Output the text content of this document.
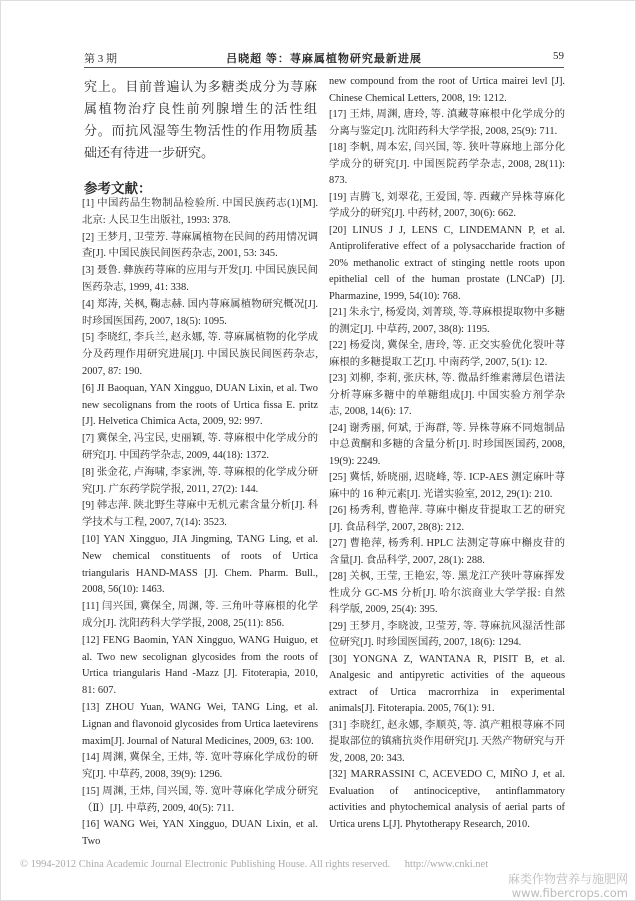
第 3 期	吕晓超 等：荨麻属植物研究最新进展	59
究上。目前普遍认为多糖类成分为荨麻属植物治疗良性前列腺增生的活性组分。而抗风湿等生物活性的作用物质基础还有待进一步研究。
参考文献：

[1] 中国药品生物制品检验所. 中国民族药志(1)[M]. 北京: 人民卫生出版社, 1993: 378.

[2] 王梦月, 卫莹芳. 荨麻属植物在民间的药用情况调查[J]. 中国民族民间医药杂志, 2001, 53: 345.

[3] 聂鲁. 彝族药荨麻的应用与开发[J]. 中国民族民间医药杂志, 1999, 41: 338.

[4] 郑涛, 关枫, 鞠志赫. 国内荨麻属植物研究概况[J]. 时珍国医国药, 2007, 18(5): 1095.

[5] 李晓红, 李兵兰, 赵永娜, 等. 荨麻属植物的化学成分及药理作用研究进展[J]. 中国民族民间医药杂志, 2007, 87: 190.

[6] JI Baoquan, YAN Xingguo, DUAN Lixin, et al. Two new secolignans from the roots of Urtica fissa E. pritz [J]. Helvetica Chimica Acta, 2009, 92: 997.

[7] 冀保全, 冯宝民, 史丽颖, 等. 荨麻根中化学成分的研究[J]. 中国药学杂志, 2009, 44(18): 1372.

[8] 张金花, 卢海啸, 李家洲, 等. 荨麻根的化学成分研究[J]. 广东药学院学报, 2011, 27(2): 144.

[9] 韩志萍. 陕北野生荨麻中无机元素含量分析[J]. 科学技术与工程, 2007, 7(14): 3523.

[10] YAN Xingguo, JIA Jingming, TANG Ling, et al. New chemical constituents of roots of Urtica triangularis HAND-MASS [J]. Chem. Pharm. Bull., 2008, 56(10): 1463.

[11] 闫兴国, 冀保全, 周渊, 等. 三角叶荨麻根的化学成分[J]. 沈阳药科大学学报, 2008, 25(11): 856.

[12] FENG Baomin, YAN Xingguo, WANG Huiguo, et al. Two new secolignan glycosides from the roots of Urtica triangularis Hand -Mazz [J]. Fitoterapia, 2010, 81: 607.

[13] ZHOU Yuan, WANG Wei, TANG Ling, et al. Lignan and flavonoid glycosides from Urtica laetevirens maxim[J]. Journal of Natural Medicines, 2009, 63: 100.

[14] 周渊, 冀保全, 王炜, 等. 宽叶荨麻化学成份的研究[J]. 中草药, 2008, 39(9): 1296.

[15] 周渊, 王炜, 闫兴国, 等. 宽叶荨麻化学成分研究（Ⅱ）[J]. 中草药, 2009, 40(5): 711.

[16] WANG Wei, YAN Xingguo, DUAN Lixin, et al. Two

new compound from the root of Urtica mairei levl [J]. Chinese Chemical Letters, 2008, 19: 1212.

[17] 王炜, 周渊, 唐玲, 等. 滇藏荨麻根中化学成分的分离与鉴定[J]. 沈阳药科大学学报, 2008, 25(9): 711.

[18] 李帆, 周本宏, 闫兴国, 等. 狭叶荨麻地上部分化学成分的研究[J]. 中国医院药学杂志, 2008, 28(11): 873.

[19] 吉腾飞, 刘翠花, 王爱国, 等. 西藏产异株荨麻化学成分的研究[J]. 中药材, 2007, 30(6): 662.

[20] LINUS J J, LENS C, LINDEMANN P, et al. Antiproliferative effect of a polysaccharide fraction of 20% methanolic extract of stinging nettle roots upon epithelial cell of the human prostate (LNCaP) [J]. Pharmazine, 1999, 54(10): 768.

[21] 朱永宁, 杨爱岗, 刘菁琰, 等.荨麻根提取物中多糖的测定[J]. 中草药, 2007, 38(8): 1195.

[22] 杨爱岗, 冀保全, 唐玲, 等. 正交实验优化裂叶荨麻根的多糖提取工艺[J]. 中南药学, 2007, 5(1): 12.

[23] 刘柳, 李莉, 张庆林, 等. 微晶纤维素薄层色谱法分析荨麻多糖中的单糖组成[J]. 中国实验方剂学杂志, 2008, 14(6): 17.

[24] 谢秀丽, 何斌, 于海群, 等. 异株荨麻不同炮制品中总黄酮和多糖的含量分析[J]. 时珍国医国药, 2008, 19(9): 2249.

[25] 冀恬, 娇晓丽, 迟晓峰, 等. ICP-AES 测定麻叶荨麻中的 16 种元素[J]. 光谱实验室, 2012, 29(1): 210.

[26] 杨秀利, 曹艳萍. 荨麻中槲皮苷提取工艺的研究[J]. 食品科学, 2007, 28(8): 212.

[27] 曹艳萍, 杨秀利. HPLC 法测定荨麻中槲皮苷的含量[J]. 食品科学, 2007, 28(1): 288.

[28] 关枫, 王莹, 王艳宏, 等. 黑龙江产狭叶荨麻挥发性成分 GC-MS 分析[J]. 哈尔滨商业大学学报: 自然科学版, 2009, 25(4): 395.

[29] 王梦月, 李晓波, 卫莹芳, 等. 荨麻抗风湿活性部位研究[J]. 时珍国医国药, 2007, 18(6): 1294.

[30] YONGNA Z, WANTANA R, PISIT B, et al. Analgesic and antipyretic activities of the aqueous extract of Urtica macrorrhiza in experimental animals[J]. Fitoterapia. 2005, 76(1): 91.

[31] 李晓红, 赵永娜, 李顺英, 等. 滇产粗根荨麻不同提取部位的镇痛抗炎作用研究[J]. 天然产物研究与开发, 2008, 20: 343.

[32] MARRASSINI C, ACEVEDO C, MIÑO J, et al. Evaluation of antinociceptive, antinflammatory activities and phytochemical analysis of aerial parts of Urtica urens L[J]. Phytotherapy Research, 2010.

© 1994-2012 China Academic Journal Electronic Publishing House. All rights reserved. http://www.cnki.net
麻类作物营养与施肥网
www.fibercrops.com
